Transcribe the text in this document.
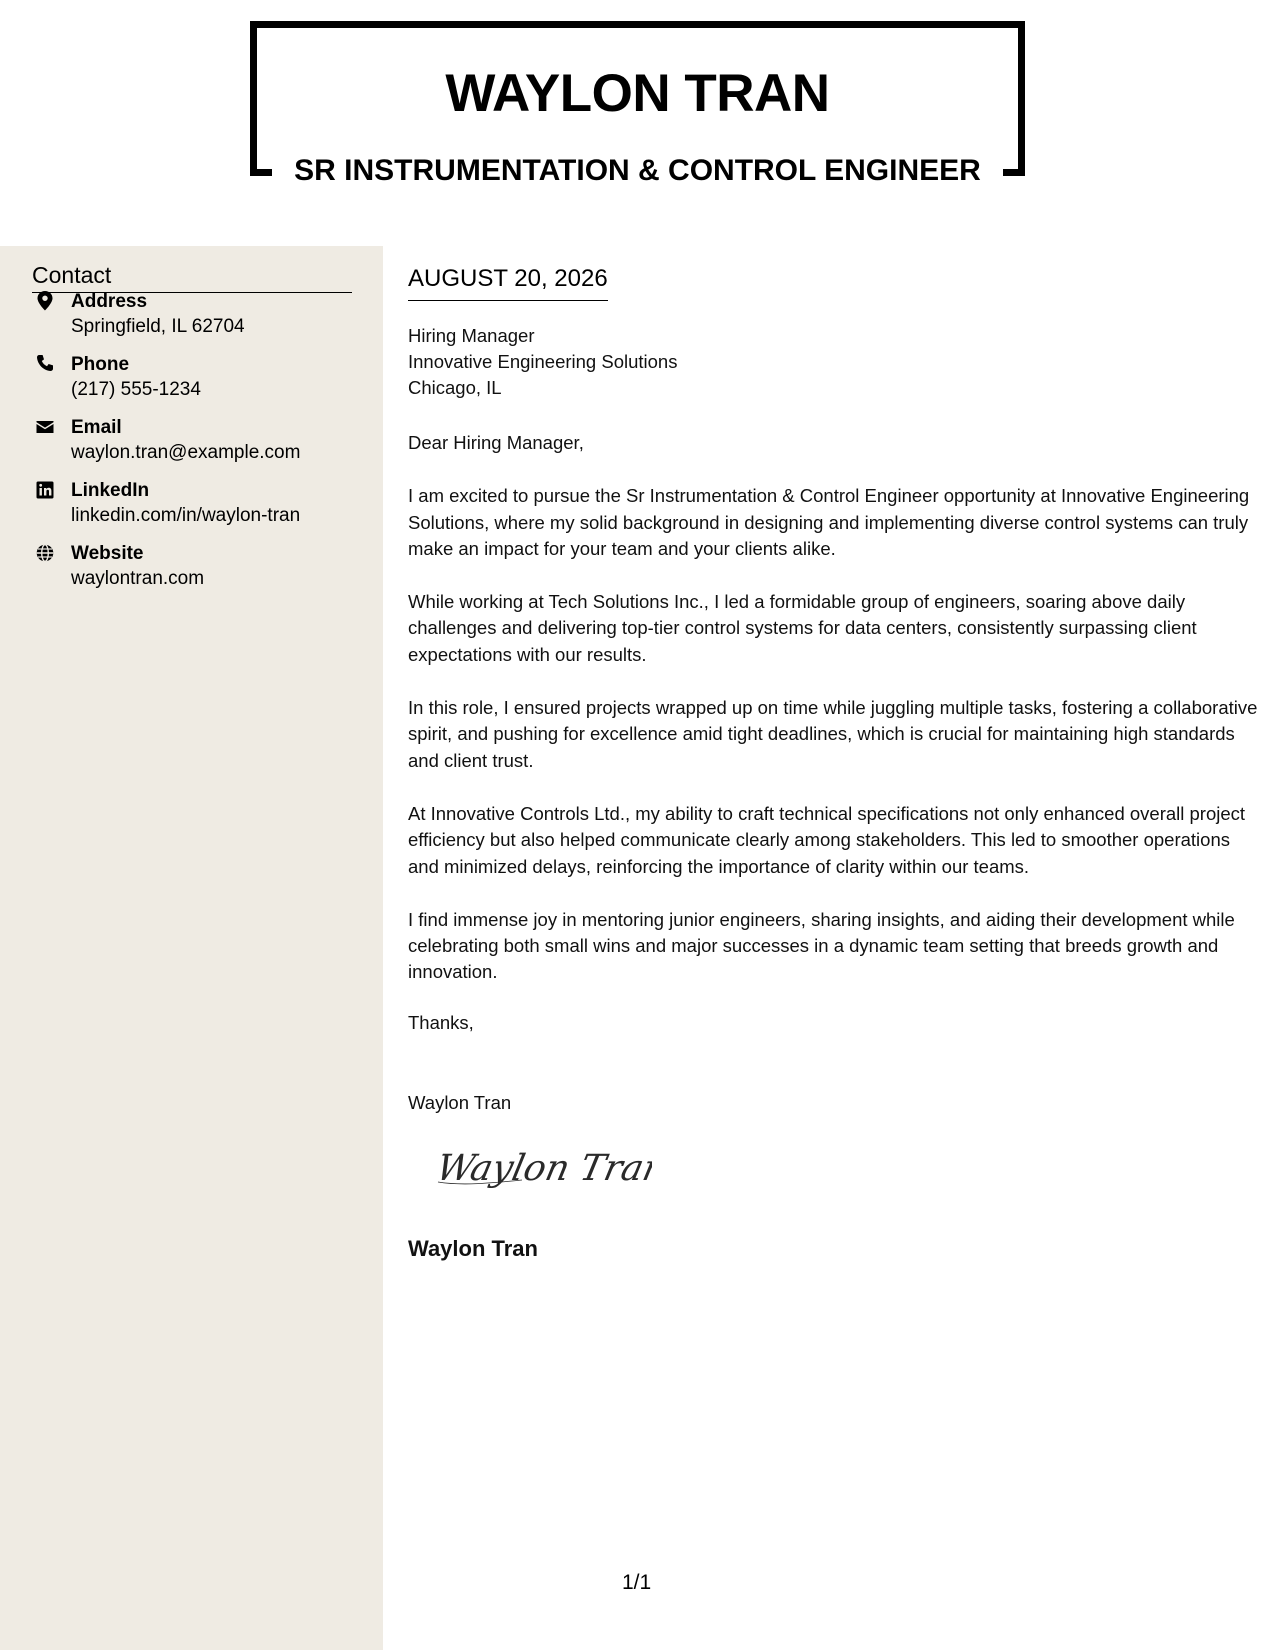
WAYLON TRAN
SR INSTRUMENTATION & CONTROL ENGINEER
Contact
Address
Springfield, IL 62704
Phone
(217) 555-1234
Email
waylon.tran@example.com
LinkedIn
linkedin.com/in/waylon-tran
Website
waylontran.com
AUGUST 20, 2026
Hiring Manager
Innovative Engineering Solutions
Chicago, IL

Dear Hiring Manager,

I am excited to pursue the Sr Instrumentation & Control Engineer opportunity at Innovative Engineering Solutions, where my solid background in designing and implementing diverse control systems can truly make an impact for your team and your clients alike.

While working at Tech Solutions Inc., I led a formidable group of engineers, soaring above daily challenges and delivering top-tier control systems for data centers, consistently surpassing client expectations with our results.

In this role, I ensured projects wrapped up on time while juggling multiple tasks, fostering a collaborative spirit, and pushing for excellence amid tight deadlines, which is crucial for maintaining high standards and client trust.

At Innovative Controls Ltd., my ability to craft technical specifications not only enhanced overall project efficiency but also helped communicate clearly among stakeholders. This led to smoother operations and minimized delays, reinforcing the importance of clarity within our teams.

I find immense joy in mentoring junior engineers, sharing insights, and aiding their development while celebrating both small wins and major successes in a dynamic team setting that breeds growth and innovation.

Thanks,
Waylon Tran
Waylon Tran
Waylon Tran
1/1
